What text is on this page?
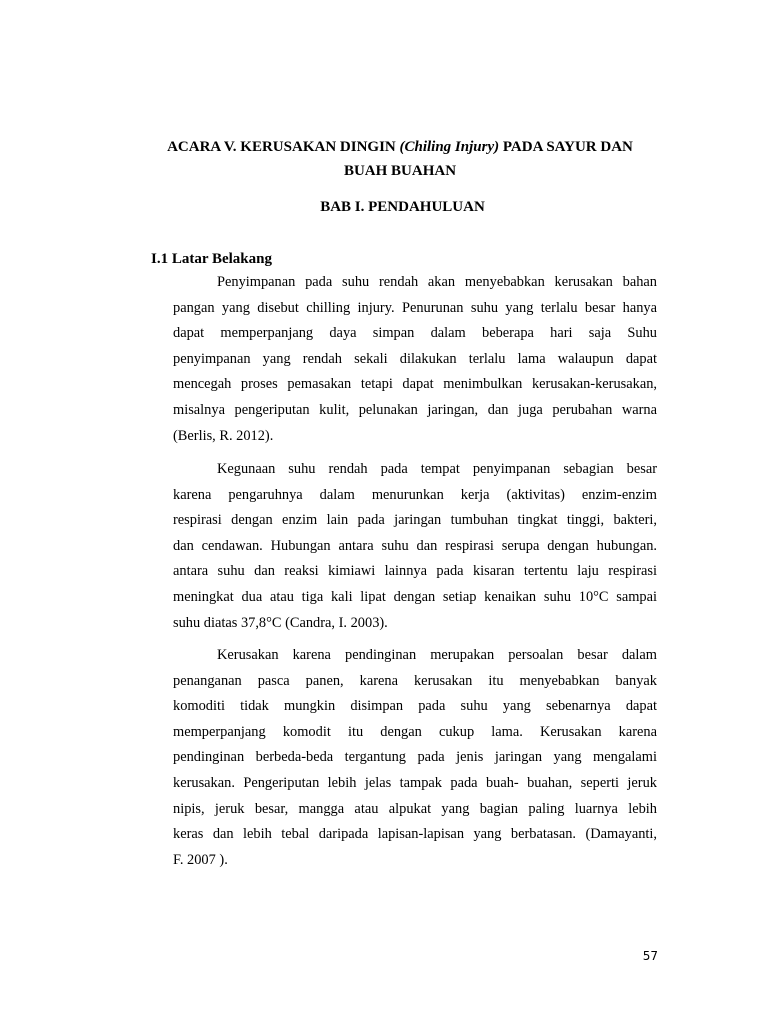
ACARA V. KERUSAKAN DINGIN (Chiling Injury) PADA SAYUR DAN

BUAH BUAHAN

BAB I. PENDAHULUAN

I.1 Latar Belakang

Penyimpanan pada suhu rendah akan menyebabkan kerusakan bahan
pangan yang disebut chilling injury. Penurunan suhu yang terlalu besar hanya
dapat memperpanjang daya simpan dalam beberapa hari saja Suhu
penyimpanan yang rendah sekali dilakukan terlalu lama walaupun dapat
mencegah proses pemasakan tetapi dapat menimbulkan kerusakan-kerusakan,
misalnya pengeriputan kulit, pelunakan jaringan, dan juga perubahan warna
(Berlis, R. 2012).
Kegunaan suhu rendah pada tempat penyimpanan sebagian besar
karena pengaruhnya dalam menurunkan kerja (aktivitas) enzim-enzim
respirasi dengan enzim lain pada jaringan tumbuhan tingkat tinggi, bakteri,
dan cendawan. Hubungan antara suhu dan respirasi serupa dengan hubungan.
antara suhu dan reaksi kimiawi lainnya pada kisaran tertentu laju respirasi
meningkat dua atau tiga kali lipat dengan setiap kenaikan suhu 10°C sampai
suhu diatas 37,8°C (Candra, I. 2003).
Kerusakan karena pendinginan merupakan persoalan besar dalam
penanganan pasca panen, karena kerusakan itu menyebabkan banyak
komoditi tidak mungkin disimpan pada suhu yang sebenarnya dapat
memperpanjang komodit itu dengan cukup lama. Kerusakan karena
pendinginan berbeda-beda tergantung pada jenis jaringan yang mengalami
kerusakan. Pengeriputan lebih jelas tampak pada buah- buahan, seperti jeruk
nipis, jeruk besar, mangga atau alpukat yang bagian paling luarnya lebih
keras dan lebih tebal daripada lapisan-lapisan yang berbatasan. (Damayanti,
F. 2007 ).
57
